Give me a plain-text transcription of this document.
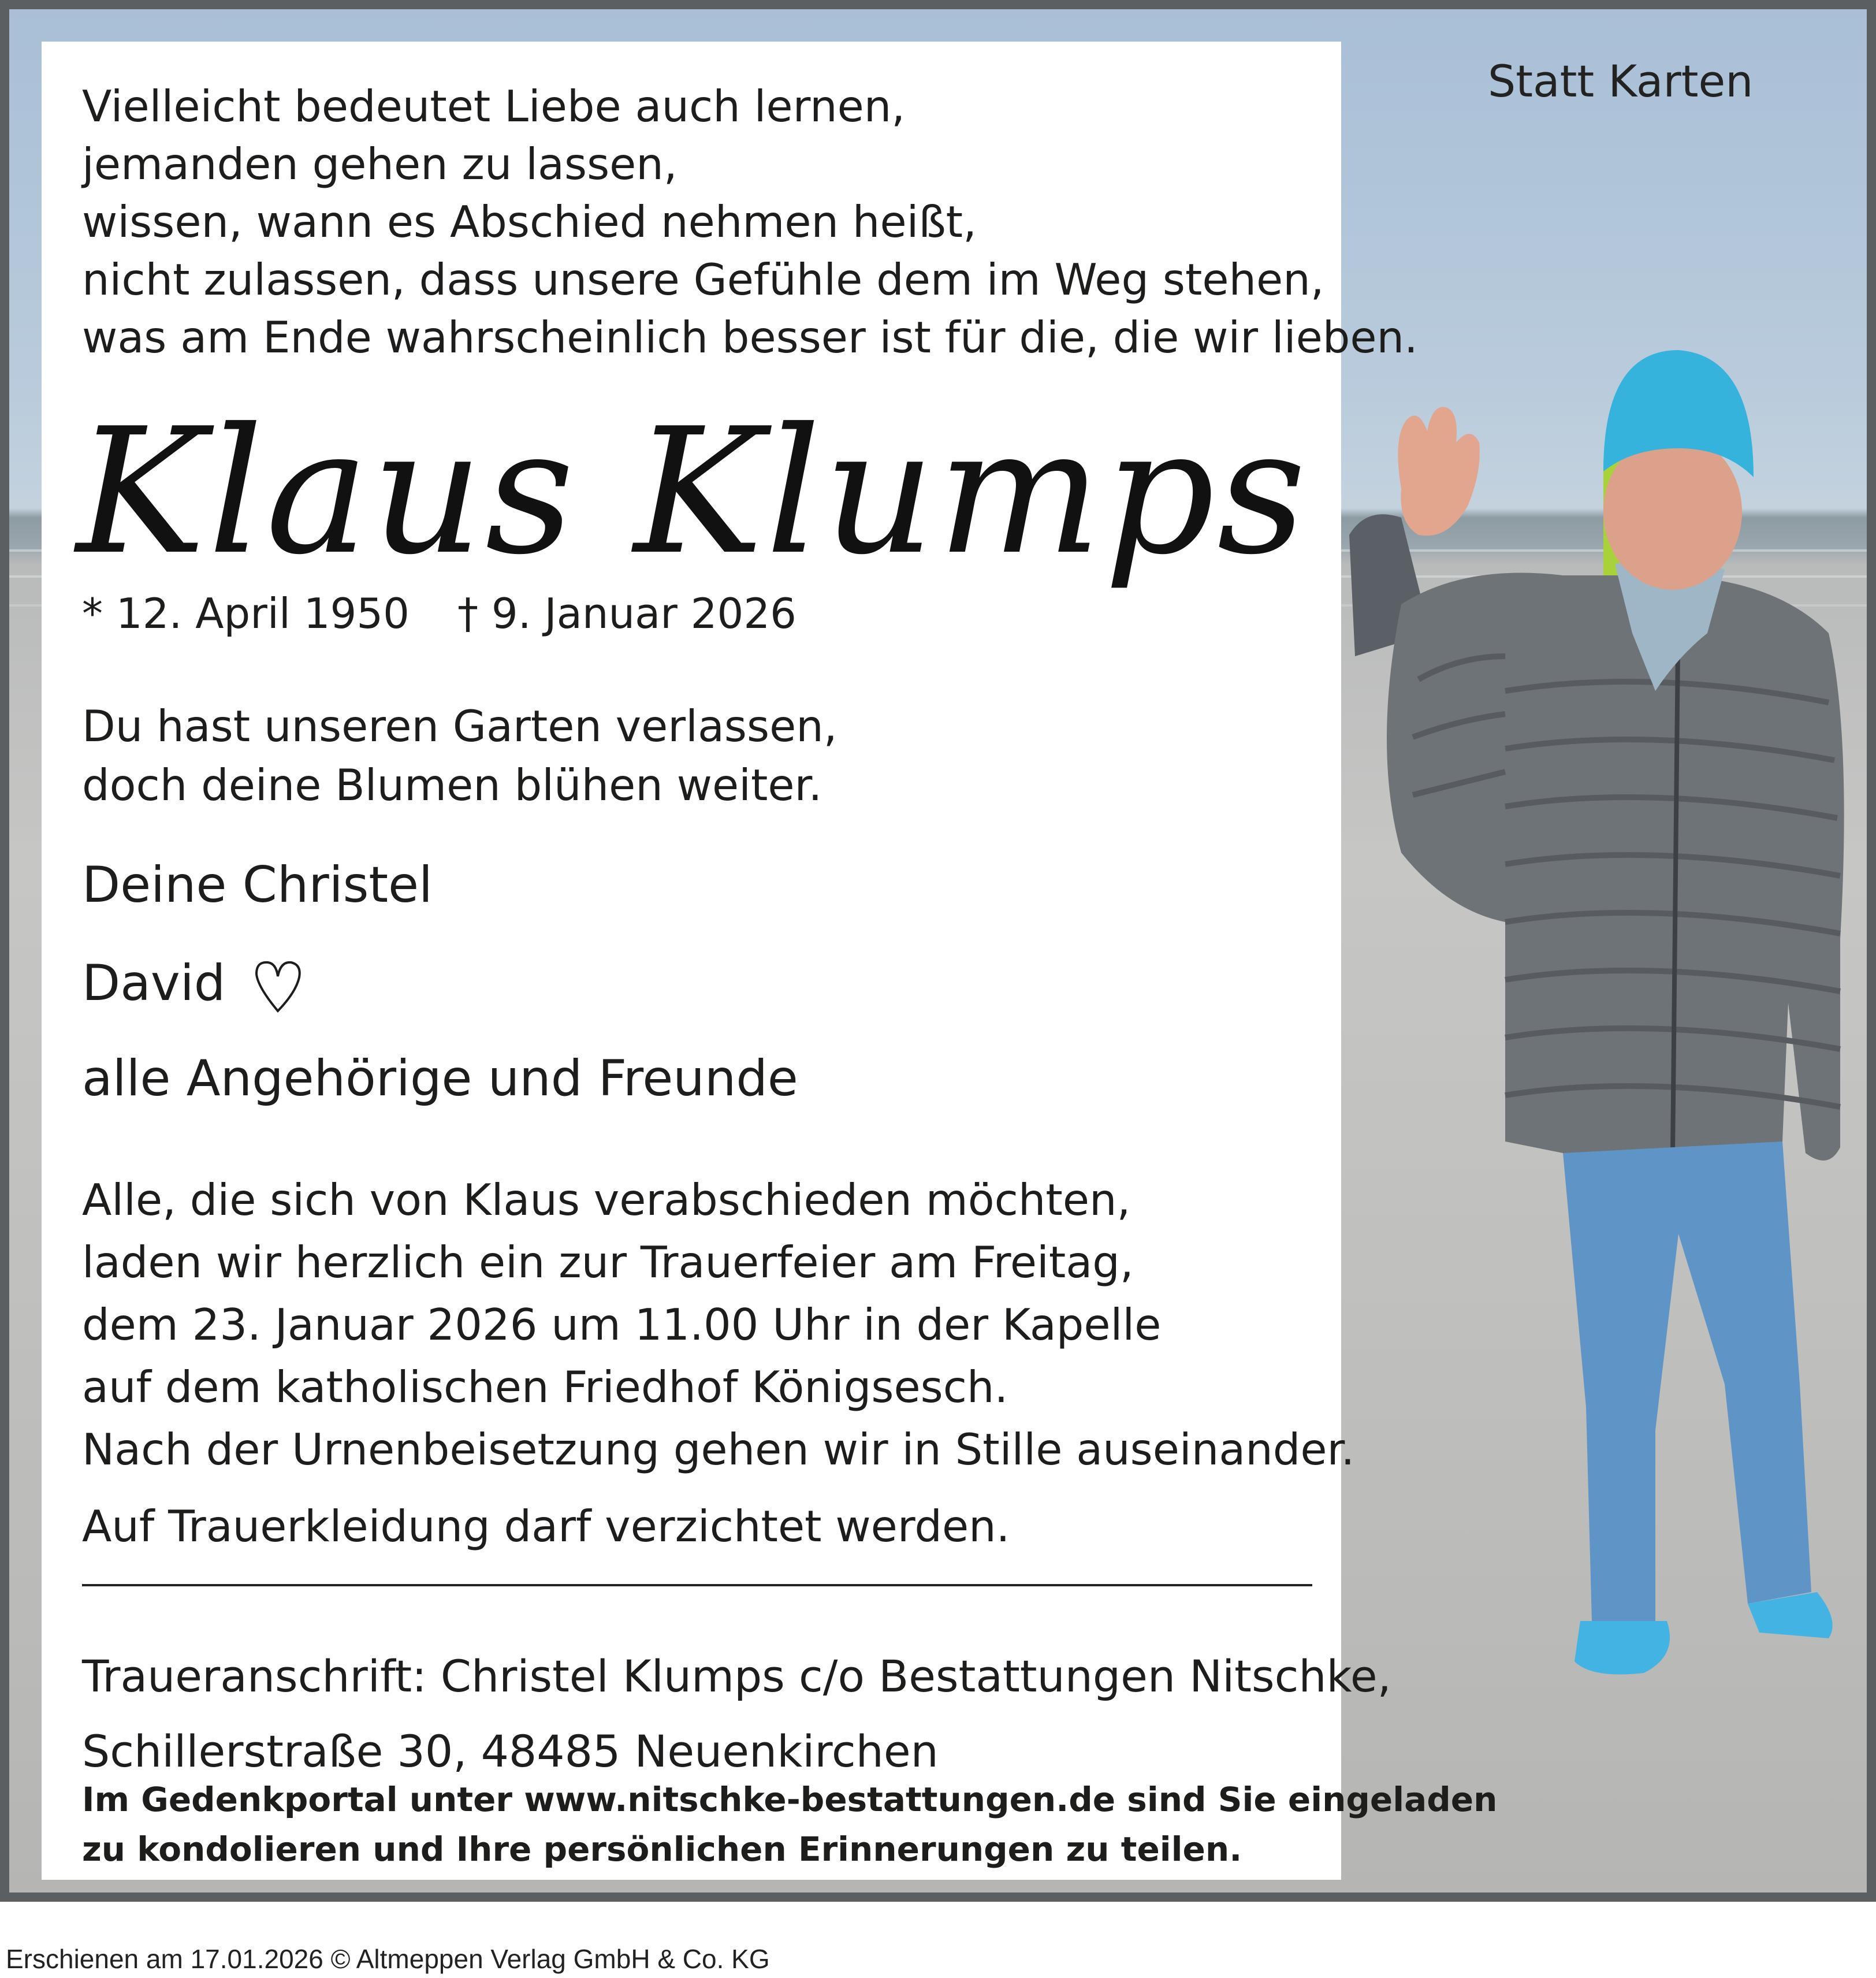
Statt Karten
Vielleicht bedeutet Liebe auch lernen,
jemanden gehen zu lassen,
wissen, wann es Abschied nehmen heißt,
nicht zulassen, dass unsere Gefühle dem im Weg stehen,
was am Ende wahrscheinlich besser ist für die, die wir lieben.
Klaus Klumps
* 12. April 1950 † 9. Januar 2026
Du hast unseren Garten verlassen,
doch deine Blumen blühen weiter.
Deine Christel
David
alle Angehörige und Freunde
Alle, die sich von Klaus verabschieden möchten,
laden wir herzlich ein zur Trauerfeier am Freitag,
dem 23. Januar 2026 um 11.00 Uhr in der Kapelle
auf dem katholischen Friedhof Königsesch.
Nach der Urnenbeisetzung gehen wir in Stille auseinander.
Auf Trauerkleidung darf verzichtet werden.
Traueranschrift: Christel Klumps c/o Bestattungen Nitschke,
Schillerstraße 30, 48485 Neuenkirchen
Im Gedenkportal unter www.nitschke-bestattungen.de sind Sie eingeladen
zu kondolieren und Ihre persönlichen Erinnerungen zu teilen.
Erschienen am 17.01.2026 © Altmeppen Verlag GmbH & Co. KG
